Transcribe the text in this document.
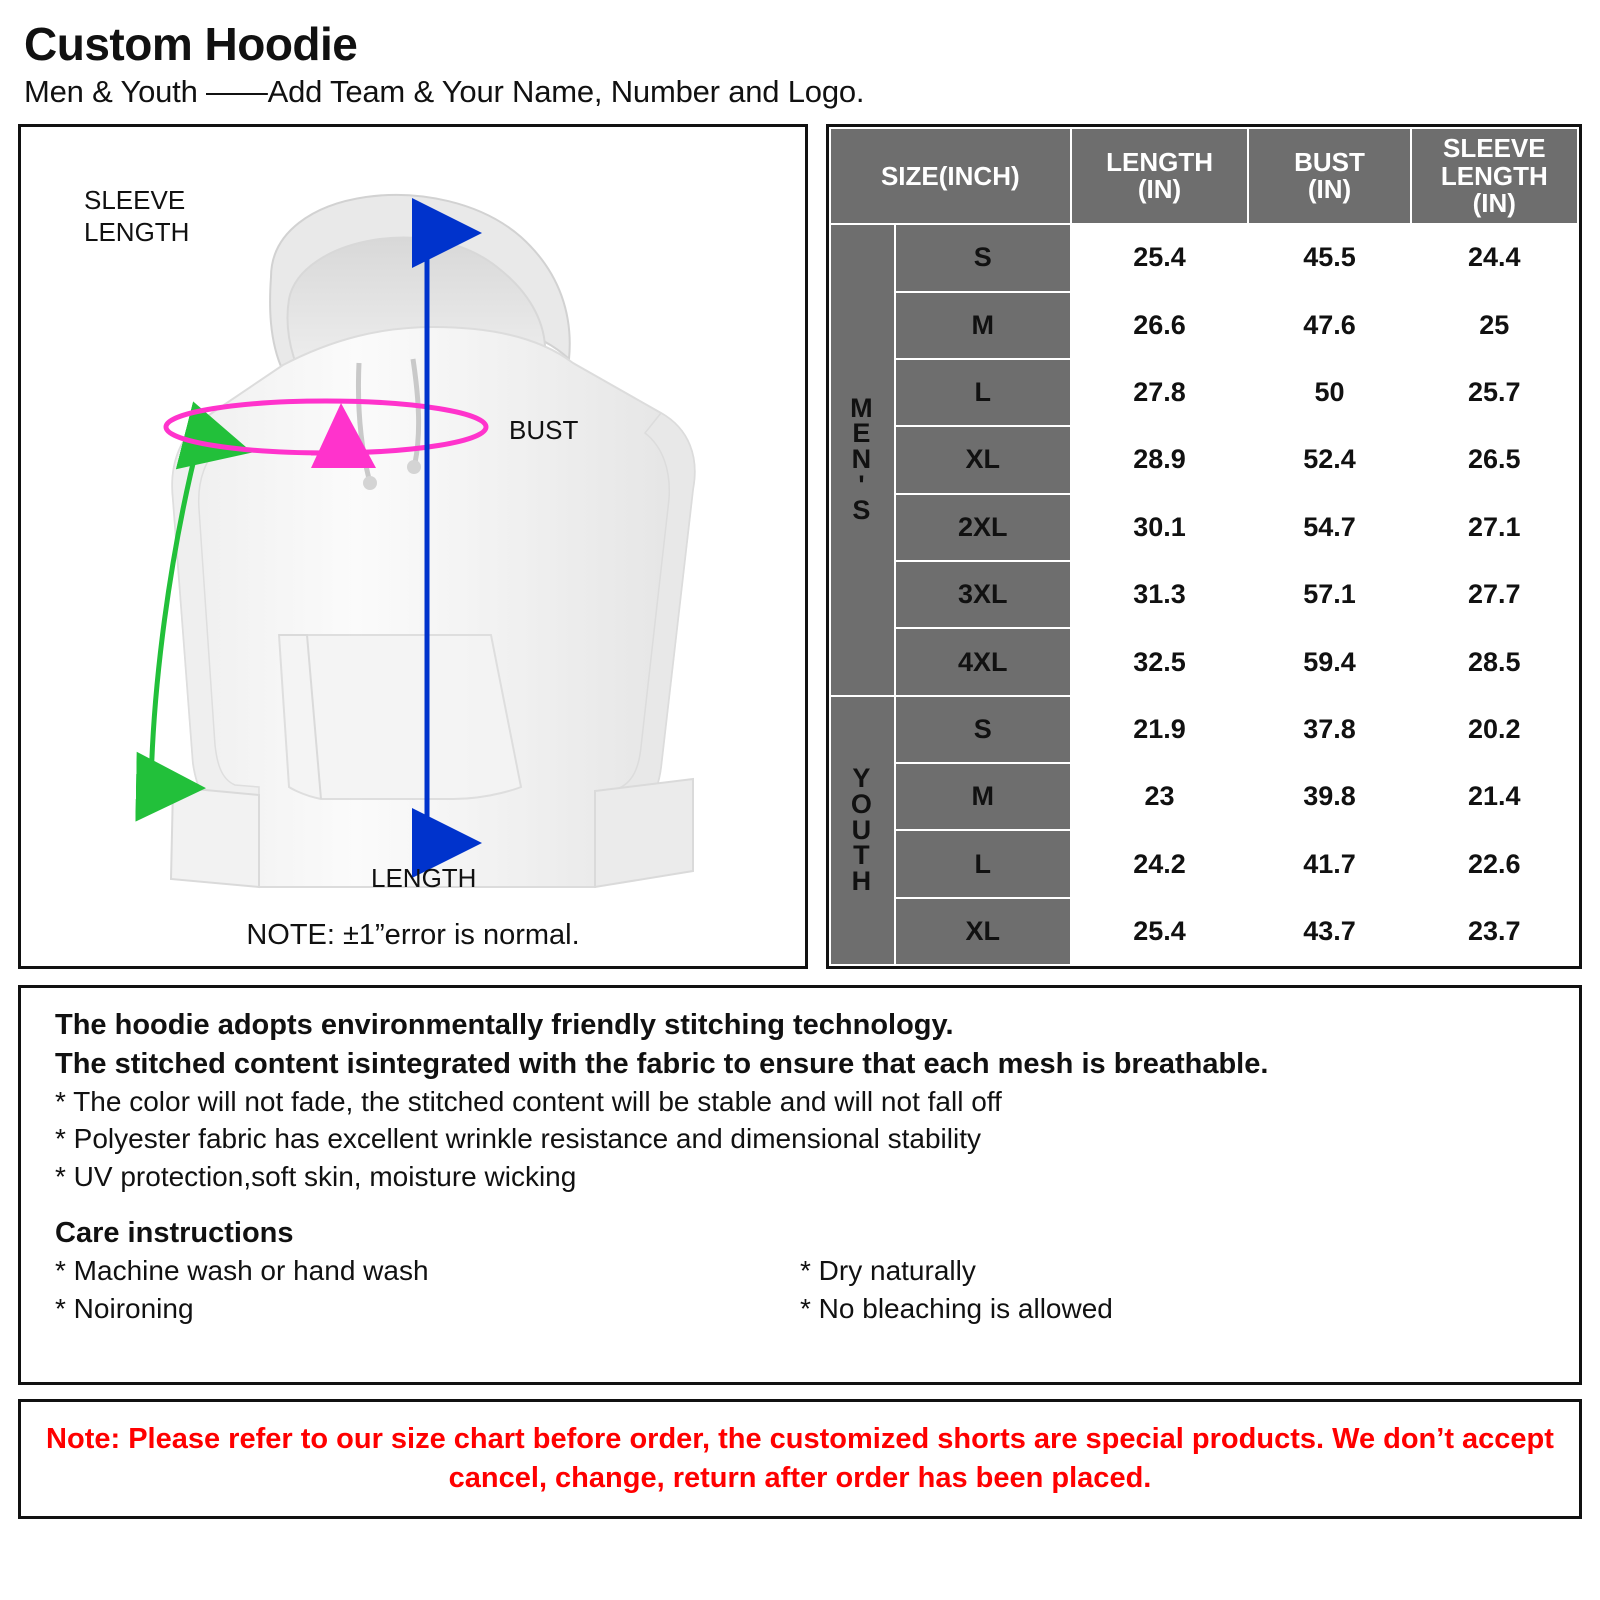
Custom Hoodie
Men & Youth ——Add Team & Your Name, Number and Logo.
SLEEVE
LENGTH
BUST
LENGTH
NOTE: ±1”error is normal.
SIZE(INCH)	LENGTH
(IN)

BUST
(IN)

SLEEVE
LENGTH
(IN)

M
E
N
'
S	S	25.4	45.5	24.4
	M	26.6	47.6	25
	L	27.8	50	25.7
	XL	28.9	52.4	26.5
	2XL	30.1	54.7	27.1
	3XL	31.3	57.1	27.7
	4XL	32.5	59.4	28.5

Y
O
U
T
H	S	21.9	37.8	20.2
	M	23	39.8	21.4
	L	24.2	41.7	22.6
	XL	25.4	43.7	23.7
The hoodie adopts environmentally friendly stitching technology.
The stitched content isintegrated with the fabric to ensure that each mesh is breathable.
* The color will not fade, the stitched content will be stable and will not fall off
* Polyester fabric has excellent wrinkle resistance and dimensional stability
* UV protection,soft skin, moisture wicking
Care instructions
* Machine wash or hand wash
* Noironing
* Dry naturally
* No bleaching is allowed
Note: Please refer to our size chart before order, the customized shorts are special products. We don’t accept cancel, change, return after order has been placed.
